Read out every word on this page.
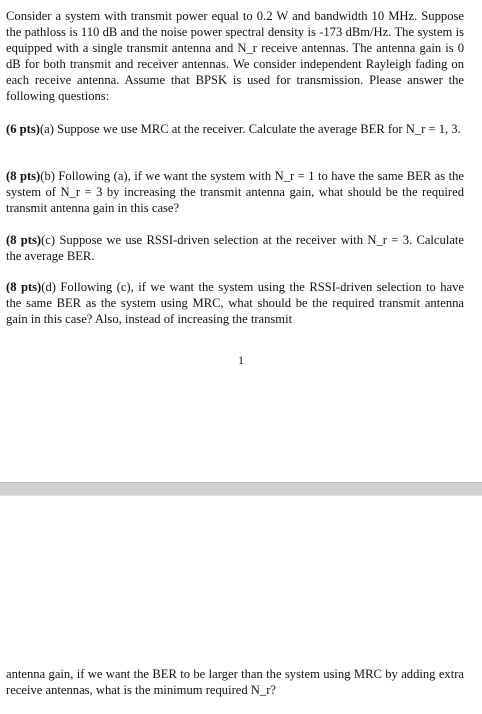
Consider a system with transmit power equal to 0.2 W and bandwidth 10 MHz. Suppose the pathloss is 110 dB and the noise power spectral density is -173 dBm/Hz. The system is equipped with a single transmit antenna and N_r receive antennas. The antenna gain is 0 dB for both transmit and receiver antennas. We consider independent Rayleigh fading on each receive antenna. Assume that BPSK is used for transmission. Please answer the following questions:

(6 pts)(a) Suppose we use MRC at the receiver. Calculate the average BER for N_r = 1, 3.

(8 pts)(b) Following (a), if we want the system with N_r = 1 to have the same BER as the system of N_r = 3 by increasing the transmit antenna gain, what should be the required transmit antenna gain in this case?

(8 pts)(c) Suppose we use RSSI-driven selection at the receiver with N_r = 3. Calculate the average BER.

(8 pts)(d) Following (c), if we want the system using the RSSI-driven selection to have the same BER as the system using MRC, what should be the required transmit antenna gain in this case? Also, instead of increasing the transmit

1

antenna gain, if we want the BER to be larger than the system using MRC by adding extra receive antennas, what is the minimum required N_r?
